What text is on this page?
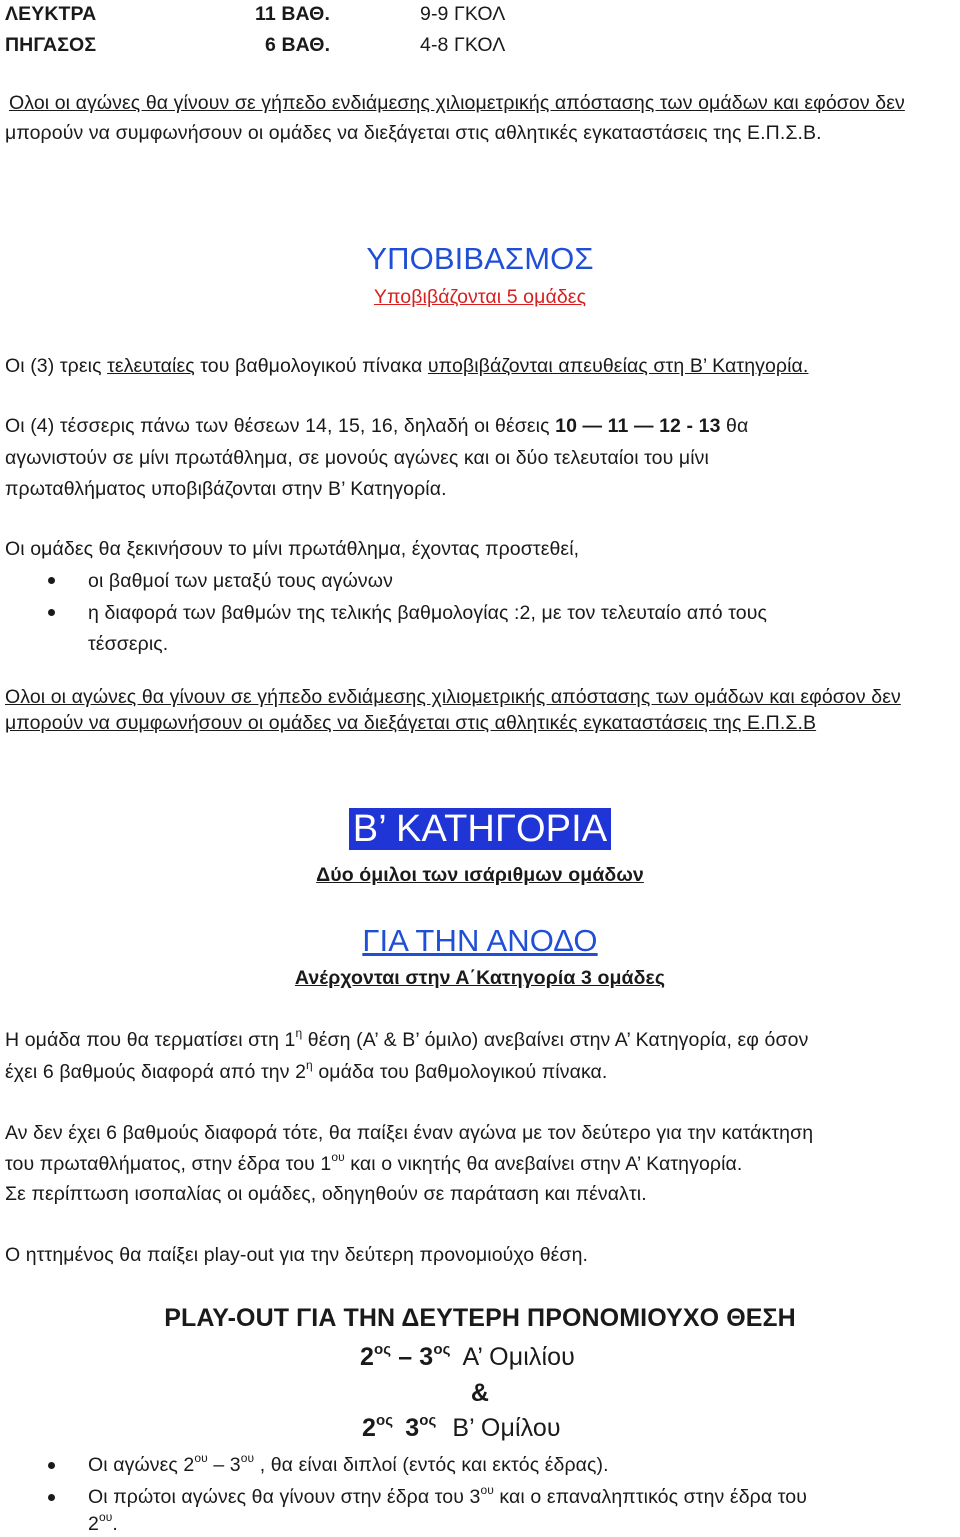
ΛΕΥΚΤΡΑ	11 ΒΑΘ.	9-9 ΓΚΟΛ
ΠΗΓΑΣΟΣ	6 ΒΑΘ.	4-8 ΓΚΟΛ
Ολοι οι αγώνες θα γίνουν σε γήπεδο ενδιάμεσης χιλιομετρικής απόστασης των ομάδων και εφόσον δεν
μπορούν να συμφωνήσουν οι ομάδες να διεξάγεται στις αθλητικές εγκαταστάσεις της Ε.Π.Σ.Β.
ΥΠΟΒΙΒΑΣΜΟΣ
Υποβιβάζονται 5 ομάδες
Οι (3) τρεις τελευταίες του βαθμολογικού πίνακα υποβιβάζονται απευθείας στη Β’ Κατηγορία.
Οι (4) τέσσερις πάνω των θέσεων 14, 15, 16, δηλαδή οι θέσεις 10 — 11 — 12 - 13 θα
αγωνιστούν σε μίνι πρωτάθλημα, σε μονούς αγώνες και οι δύο τελευταίοι του μίνι
πρωταθλήματος υποβιβάζονται στην Β’ Κατηγορία.
Οι ομάδες θα ξεκινήσουν το μίνι πρωτάθλημα, έχοντας προστεθεί,
οι βαθμοί των μεταξύ τους αγώνων
η διαφορά των βαθμών της τελικής βαθμολογίας :2, με τον τελευταίο από τους
τέσσερις.
Ολοι οι αγώνες θα γίνουν σε γήπεδο ενδιάμεσης χιλιομετρικής απόστασης των ομάδων και εφόσον δεν
μπορούν να συμφωνήσουν οι ομάδες να διεξάγεται στις αθλητικές εγκαταστάσεις της Ε.Π.Σ.Β
Β’ ΚΑΤΗΓΟΡΙΑ
Δύο όμιλοι των ισάριθμων ομάδων
ΓΙΑ ΤΗΝ ΑΝΟΔΟ
Ανέρχονται στην Α΄Κατηγορία 3 ομάδες
Η ομάδα που θα τερματίσει στη $1^\eta$ θέση (Α’ & Β’ όμιλο) ανεβαίνει στην Α’ Κατηγορία, εφ όσον
έχει 6 βαθμούς διαφορά από την $2^\eta$ ομάδα του βαθμολογικού πίνακα.
Αν δεν έχει 6 βαθμούς διαφορά τότε, θα παίξει έναν αγώνα με τον δεύτερο για την κατάκτηση
του πρωταθλήματος, στην έδρα του $1^{o\upsilon}$ και ο νικητής θα ανεβαίνει στην Α’ Κατηγορία.
Σε περίπτωση ισοπαλίας οι ομάδες, οδηγηθούν σε παράταση και πέναλτι.
Ο ηττημένος θα παίξει play-out για την δεύτερη προνομιούχο θέση.
PLAY-OUT ΓΙΑ ΤΗΝ ΔΕΥΤΕΡΗ ΠΡΟΝΟΜΙΟΥΧΟ ΘΕΣΗ
$2^{o\varsigma} - 3^{o\varsigma}$ Α’ Ομιλίου
&
$2^{o\varsigma}$ $3^{o\varsigma}$ Β’ Ομίλου
Οι αγώνες $2^{o\upsilon} - 3^{o\upsilon}$ , θα είναι διπλοί (εντός και εκτός έδρας).
Οι πρώτοι αγώνες θα γίνουν στην έδρα του $3^{o\upsilon}$ και ο επαναληπτικός στην έδρα του
$2^{o\upsilon}$.
